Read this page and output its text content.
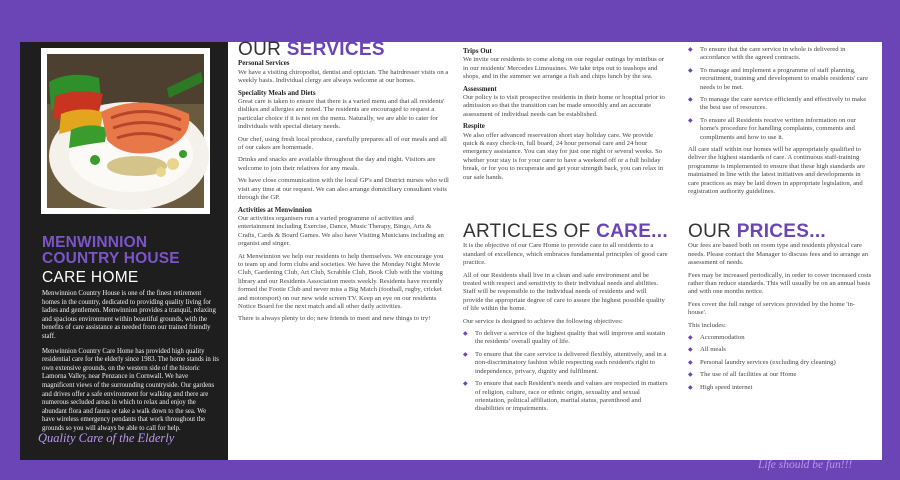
MENWINNION COUNTRY HOUSE
CARE HOME

Menwinnion Country House is one of the finest retirement homes in the country, dedicated to providing quality living for ladies and gentlemen. Menwinnion provides a tranquil, relaxing and spacious environment within beautiful grounds, with the benefits of care assistance as needed from our trained friendly staff.

Menwinnion Country Care Home has provided high quality residential care for the elderly since 1983. The home stands in its own extensive grounds, on the western side of the historic Lamorna Valley, near Penzance in Cornwall. We have magnificent views of the surrounding countryside. Our gardens and drives offer a safe environment for walking and there are numerous secluded areas in which to relax and enjoy the abundant flora and fauna or take a walk down to the sea. We have wireless emergency pendants that work throughout the grounds so you will always be able to call for help.

Quality Care of the Elderly
OUR SERVICES
Personal Services

We have a visiting chiropodist, dentist and optician. The hairdresser visits on a weekly basis. Individual clergy are always welcome at our homes.

Speciality Meals and Diets

Great care is taken to ensure that there is a varied menu and that all residents' dislikes and allergies are noted. The residents are encouraged to request a particular choice if it is not on the menu. Naturally, we are able to cater for individuals with special dietary needs.

Our chef, using fresh local produce, carefully prepares all of our meals and all of our cakes are homemade.

Drinks and snacks are available throughout the day and night. Visitors are welcome to join their relatives for any meals.

We have close communication with the local GP's and District nurses who will visit any time at our request. We can also arrange domiciliary consultant visits through the GP.

Activities at Menwinnion

Our activities organisers run a varied programme of activities and entertainment including Exercise, Dance, Music Therapy, Bingo, Arts & Crafts, Cards & Board Games. We also have Visiting Musicians including an organist and singer.

At Menwinnion we help our residents to help themselves. We encourage you to team up and form clubs and societies. We have the Monday Night Movie Club, Gardening Club, Art Club, Scrabble Club, Book Club with the visiting library and our Residents Association meets weekly. Residents have recently formed the Footie Club and never miss a Big Match (football, rugby, cricket and motorsport) on our new wide screen TV. Keep an eye on our residents Notice Board for the next match and all other daily activities.

There is always plenty to do; new friends to meet and new things to try!

Trips Out

We invite our residents to come along on our regular outings by minibus or in our residents' Mercedes Limousines. We take trips out to teashops and shops, and in the summer we arrange a fish and chips lunch by the sea.

Assessment

Our policy is to visit prospective residents in their home or hospital prior to admission so that the transition can be made smoothly and an accurate assessment of individual needs can be established.

Respite

We also offer advanced reservation short stay holiday care. We provide quick & easy check-in, full board, 24 hour personal care and 24 hour emergency assistance. You can stay for just one night or several weeks. So whether your stay is for your carer to have a weekend off or a full holiday break, or for you to recuperate and get your strength back, you can relax in our safe hands.

ARTICLES OF CARE...

It is the objective of our Care Home to provide care to all residents to a standard of excellence, which embraces fundamental principles of good care practice.

All of our Residents shall live in a clean and safe environment and be treated with respect and sensitivity to their individual needs and abilities. Staff will be responsible to the individual needs of residents and will provide the appropriate degree of care to assure the highest possible quality of life within the home.

Our service is designed to achieve the following objectives:

◆ To deliver a service of the highest quality that will improve and sustain the residents' overall quality of life.
◆ To ensure that the care service is delivered flexibly, attentively, and in a non-discriminatory fashion while respecting each resident's right to independence, privacy, dignity and fulfilment.
◆ To ensure that each Resident's needs and values are respected in matters of religion, culture, race or ethnic origin, sexuality and sexual orientation, political affiliation, marital status, parenthood and disabilities or impairments.
◆ To ensure that the care service in whole is delivered in accordance with the agreed contracts.
◆ To manage and implement a programme of staff planning, recruitment, training and development to enable residents' care needs to be met.
◆ To manage the care service efficiently and effectively to make the best use of resources.
◆ To ensure all Residents receive written information on our home's procedure for handling complaints, comments and compliments and how to use it.

All care staff within our homes will be appropriately qualified to deliver the highest standards of care. A continuous staff-training programme is implemented to ensure that these high standards are maintained in line with the latest initiatives and developments in care practices as may be laid down in appropriate legislation, and registration authority guidelines.

OUR PRICES...

Our fees are based both on room type and residents physical care needs. Please contact the Manager to discuss fees and to arrange an assessment of needs.

Fees may be increased periodically, in order to cover increased costs rather than reduce standards. This will usually be on an annual basis and with one months notice.

Fees cover the full range of services provided by the home 'in-house'.

This includes:

◆ Accommodation
◆ All meals
◆ Personal laundry services (excluding dry cleaning)
◆ The use of all facilities at our Home
◆ High speed internet
Life should be fun!!!
